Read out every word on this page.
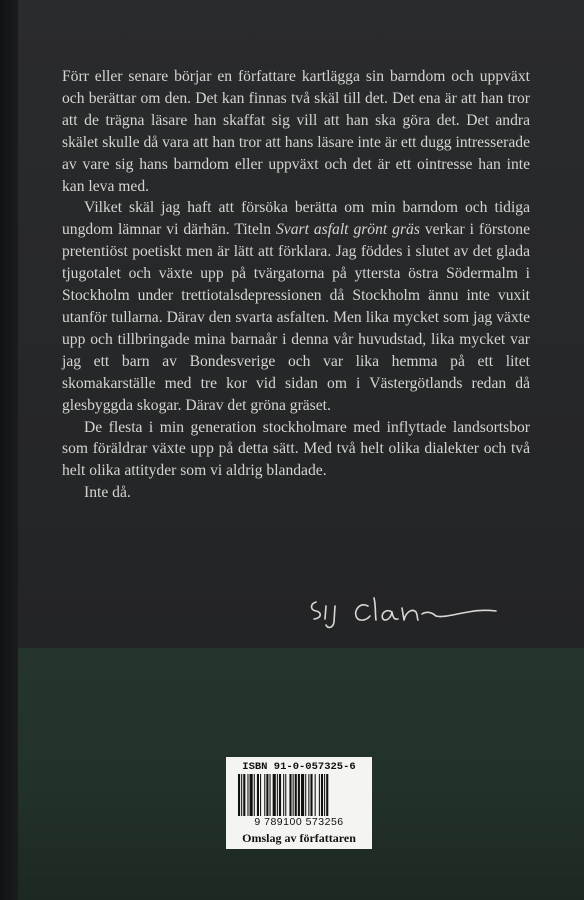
Förr eller senare börjar en författare kartlägga sin barndom och uppväxt och berättar om den. Det kan finnas två skäl till det. Det ena är att han tror att de trägna läsare han skaffat sig vill att han ska göra det. Det andra skälet skulle då vara att han tror att hans läsare inte är ett dugg intresserade av vare sig hans barndom eller uppväxt och det är ett ointresse han inte kan leva med.

Vilket skäl jag haft att försöka berätta om min barndom och tidiga ungdom lämnar vi därhän. Titeln Svart asfalt grönt gräs verkar i förstone pretentiöst poetiskt men är lätt att förklara. Jag föddes i slutet av det glada tjugotalet och växte upp på tvärgatorna på yttersta östra Södermalm i Stockholm under trettiotalsdepressionen då Stockholm ännu inte vuxit utanför tullarna. Därav den svarta asfalten. Men lika mycket som jag växte upp och tillbringade mina barnaår i denna vår huvudstad, lika mycket var jag ett barn av Bondesverige och var lika hemma på ett litet skomakarställe med tre kor vid sidan om i Västergötlands redan då glesbyggda skogar. Därav det gröna gräset.

De flesta i min generation stockholmare med inflyttade landsortsbor som föräldrar växte upp på detta sätt. Med två helt olika dialekter och två helt olika attityder som vi aldrig blandade.

Inte då.

ISBN 91-0-057325-6
9 789100 573256
Omslag av författaren
